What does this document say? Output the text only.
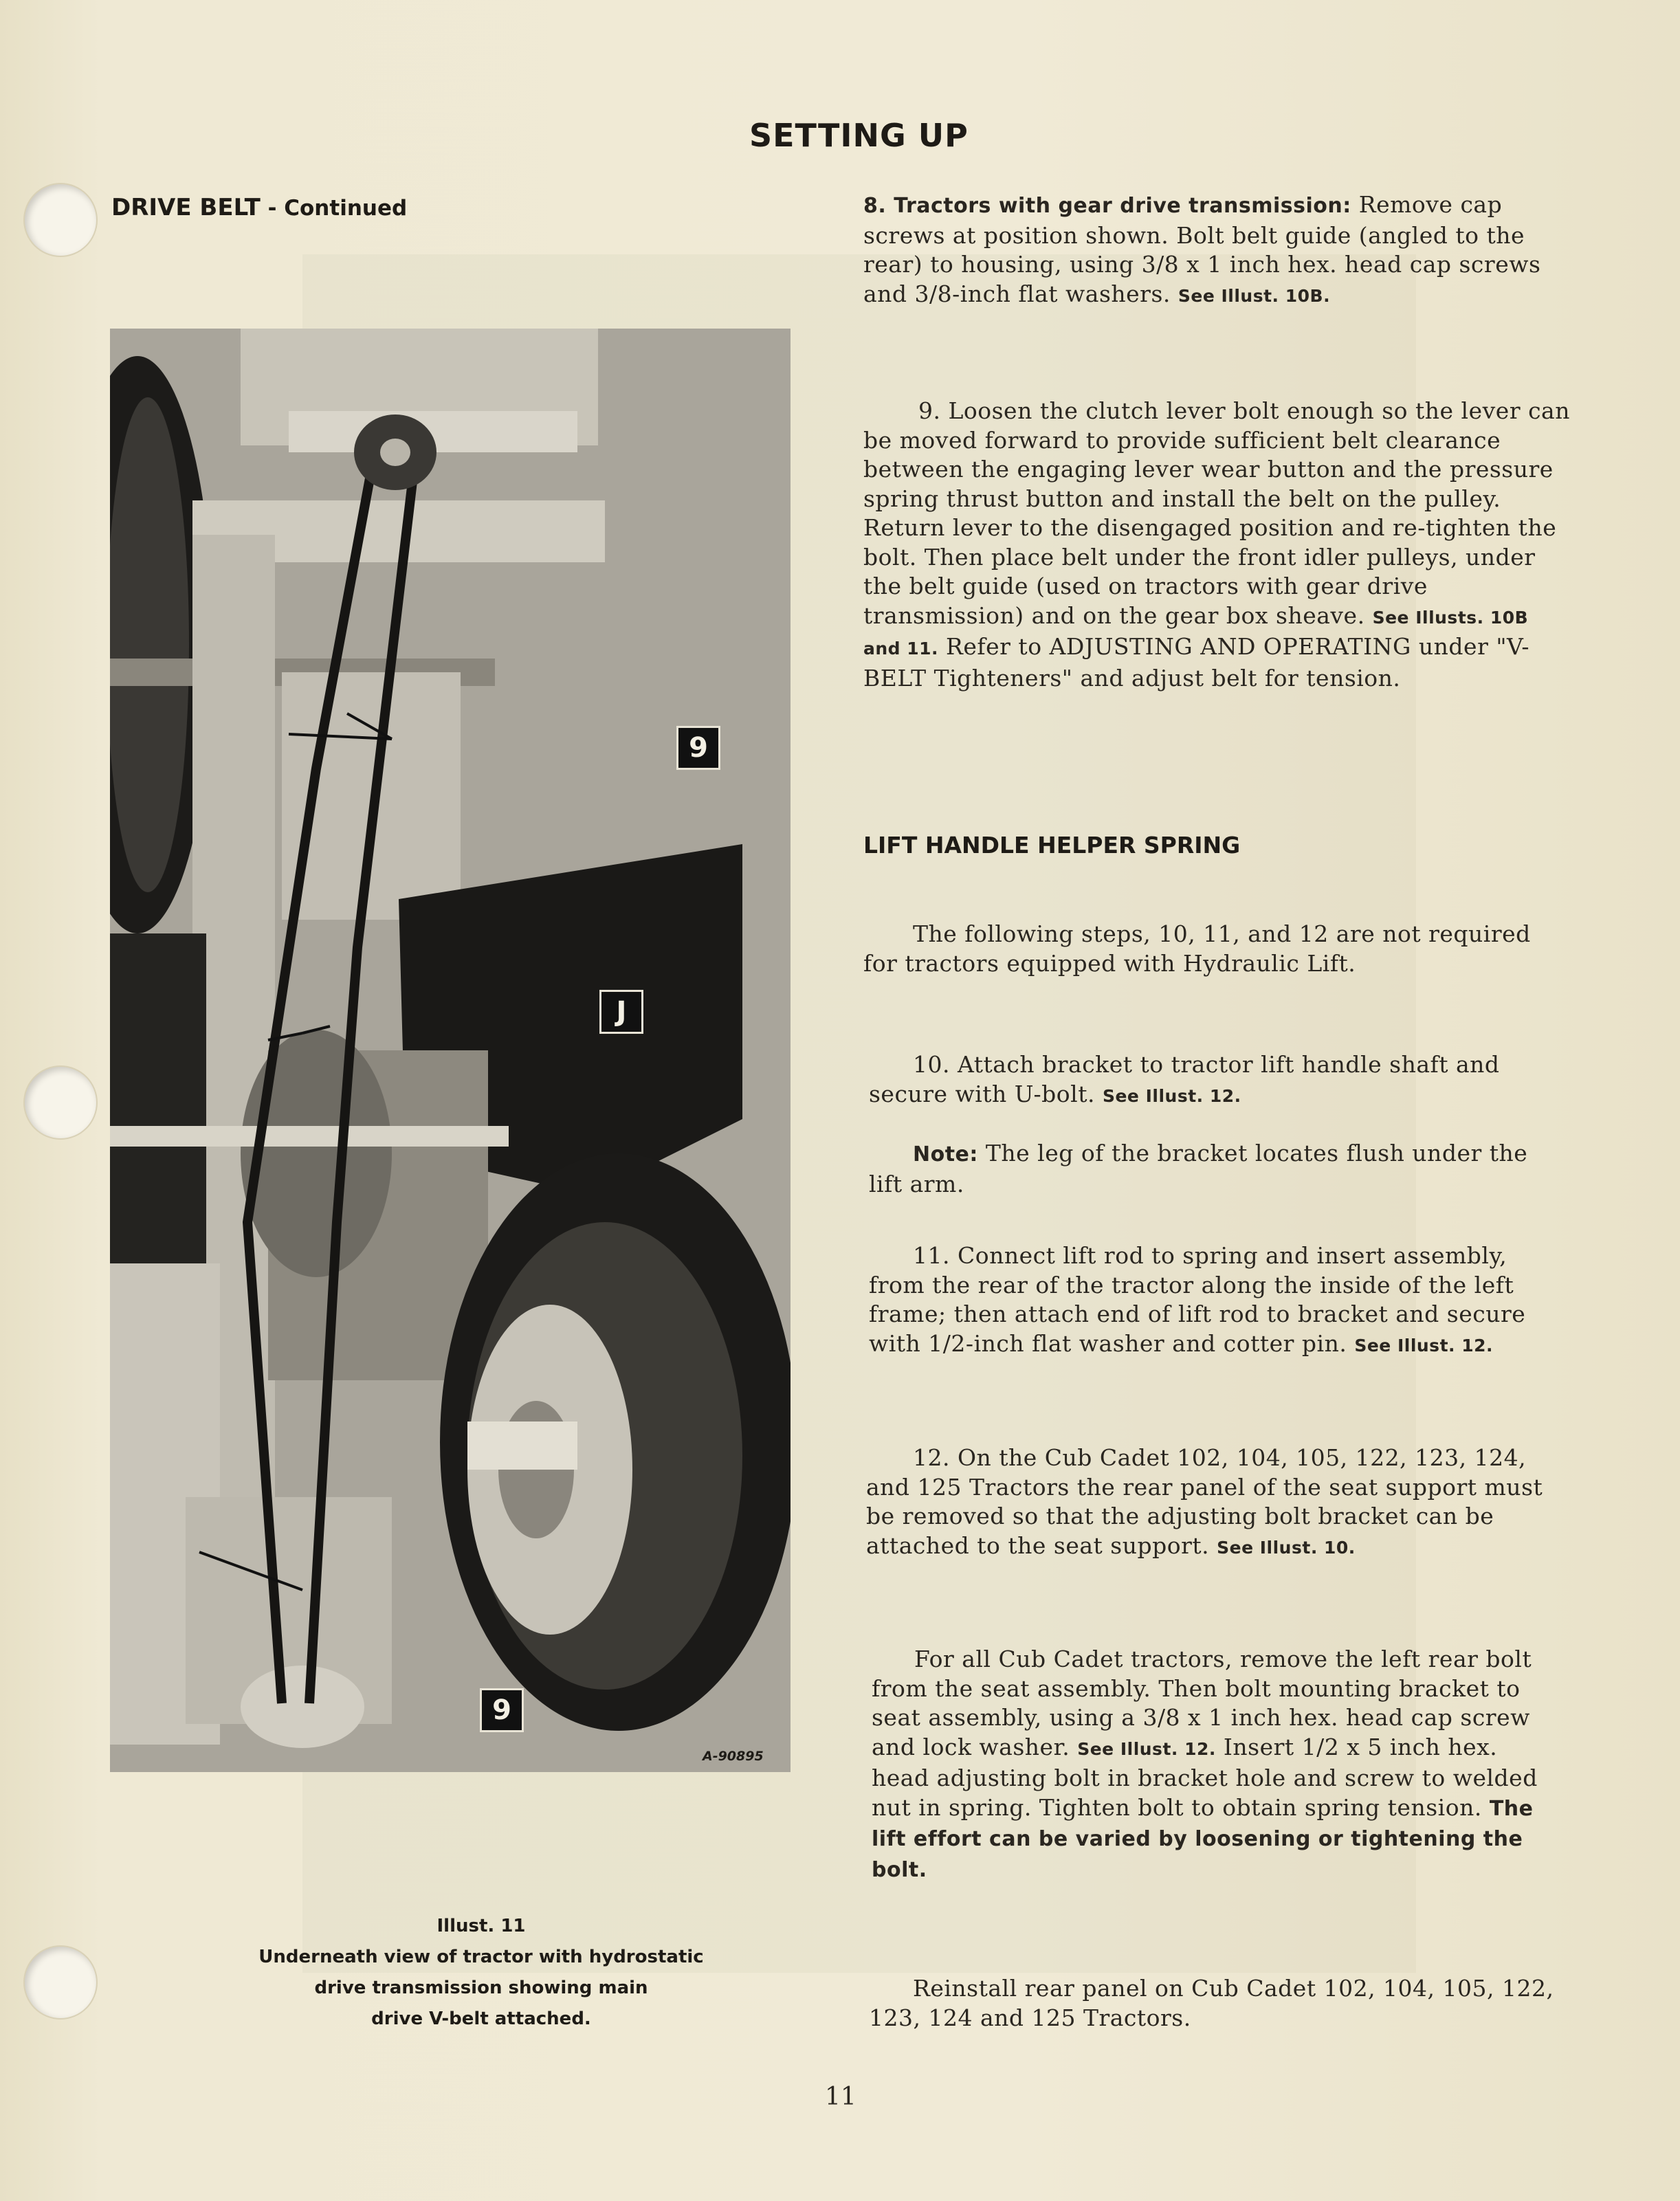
SETTING UP
DRIVE BELT - Continued
9
J
9
A-90895
Illust. 11
Underneath view of tractor with hydrostatic
drive transmission showing main
drive V-belt attached.

8. Tractors with gear drive transmission: Remove cap screws at position shown. Bolt belt guide (angled to the rear) to housing, using 3/8 x 1 inch hex. head cap screws and 3/8-inch flat washers. See Illust. 10B.

9. Loosen the clutch lever bolt enough so the lever can be moved forward to provide sufficient belt clearance between the engaging lever wear button and the pressure spring thrust button and install the belt on the pulley. Return lever to the disengaged position and re-tighten the bolt. Then place belt under the front idler pulleys, under the belt guide (used on tractors with gear drive transmission) and on the gear box sheave. See Illusts. 10B and 11. Refer to ADJUSTING AND OPERATING under "V-BELT Tighteners" and adjust belt for tension.

LIFT HANDLE HELPER SPRING

The following steps, 10, 11, and 12 are not required for tractors equipped with Hydraulic Lift.

10. Attach bracket to tractor lift handle shaft and secure with U-bolt. See Illust. 12.

Note: The leg of the bracket locates flush under the lift arm.

11. Connect lift rod to spring and insert assembly, from the rear of the tractor along the inside of the left frame; then attach end of lift rod to bracket and secure with 1/2-inch flat washer and cotter pin. See Illust. 12.

12. On the Cub Cadet 102, 104, 105, 122, 123, 124, and 125 Tractors the rear panel of the seat support must be removed so that the adjusting bolt bracket can be attached to the seat support. See Illust. 10.

For all Cub Cadet tractors, remove the left rear bolt from the seat assembly. Then bolt mounting bracket to seat assembly, using a 3/8 x 1 inch hex. head cap screw and lock washer. See Illust. 12. Insert 1/2 x 5 inch hex. head adjusting bolt in bracket hole and screw to welded nut in spring. Tighten bolt to obtain spring tension. The lift effort can be varied by loosening or tightening the bolt.

Reinstall rear panel on Cub Cadet 102, 104, 105, 122, 123, 124 and 125 Tractors.

11
